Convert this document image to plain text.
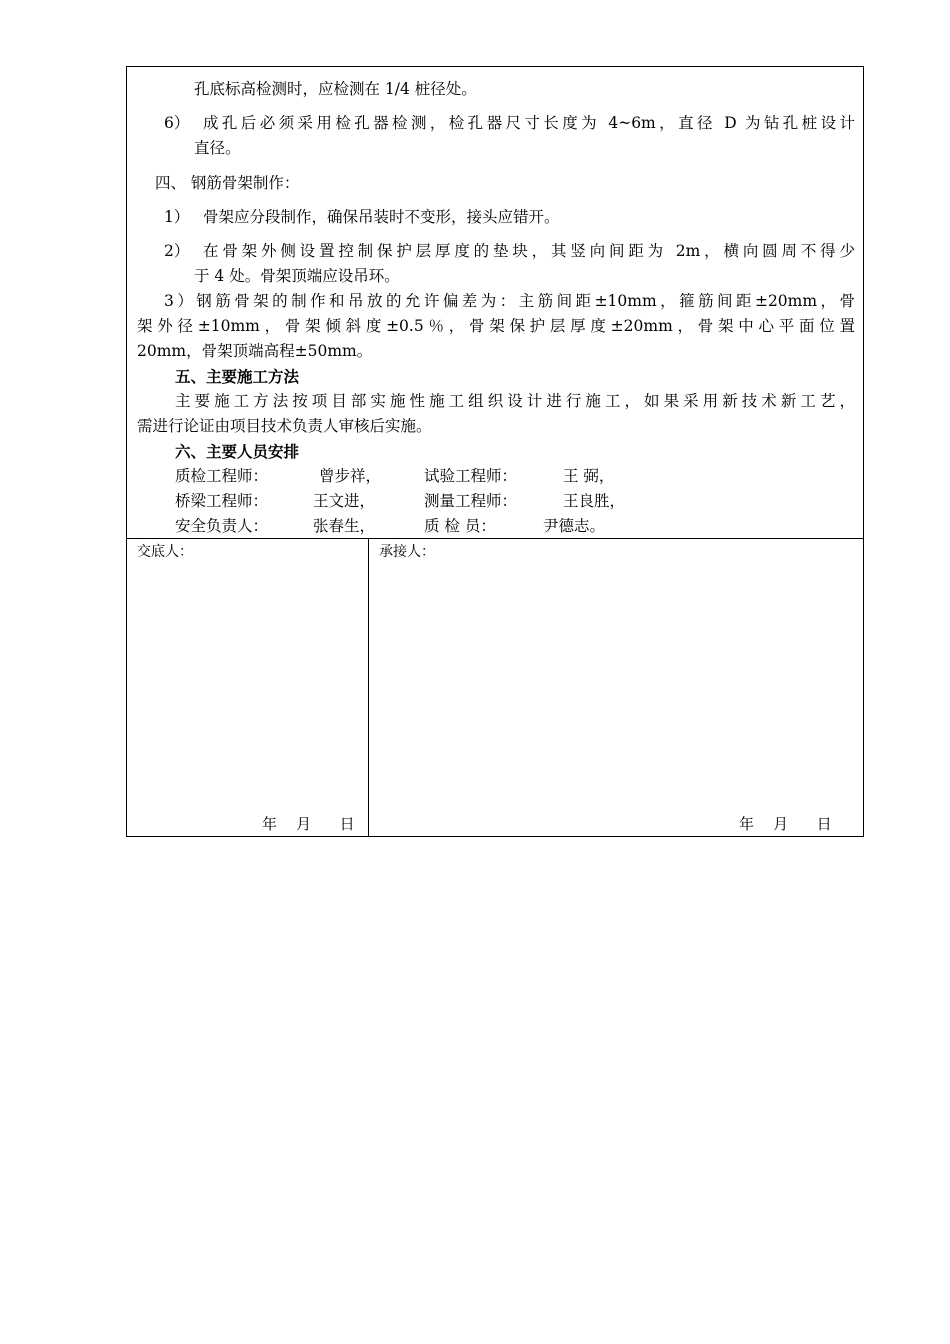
孔底标高检测时，应检测在 1/4 桩径处。
6） 成孔后必须采用检孔器检测，检孔器尺寸长度为 4~6m，直径 D 为钻孔桩设计
直径。
四、 钢筋骨架制作：
1） 骨架应分段制作，确保吊装时不变形，接头应错开。
2） 在骨架外侧设置控制保护层厚度的垫块，其竖向间距为 2m，横向圆周不得少
于 4 处。骨架顶端应设吊环。
3）钢筋骨架的制作和吊放的允许偏差为：主筋间距±10mm，箍筋间距±20mm，骨
架外径±10mm，骨架倾斜度±0.5％，骨架保护层厚度±20mm，骨架中心平面位置
20mm，骨架顶端高程±50mm。
五、主要施工方法
主要施工方法按项目部实施性施工组织设计进行施工，如果采用新技术新工艺，
需进行论证由项目技术负责人审核后实施。
六、主要人员安排
质检工程师：	曾步祥，	试验工程师：	王 弼，
桥梁工程师：	王文进，	测量工程师：	王良胜，
安全负责人：	张春生，	质 检 员：	尹德志。
交底人：
年    月      日
承接人：
年    月      日
